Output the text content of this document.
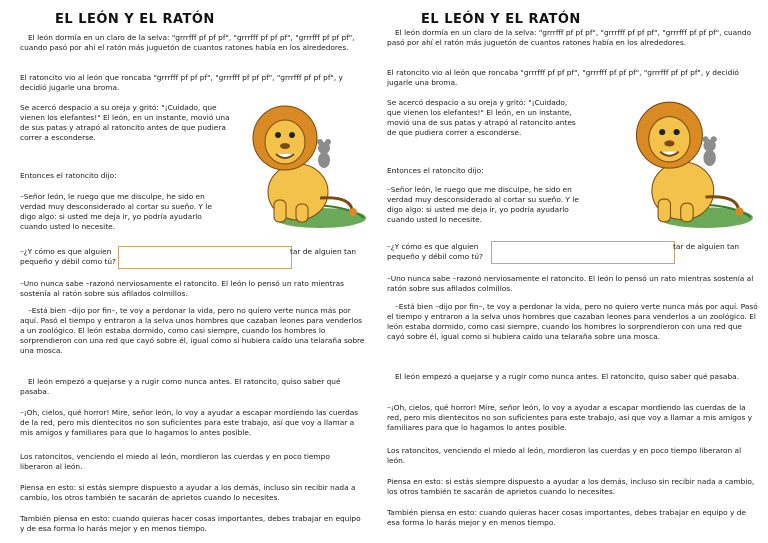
EL LEÓN Y EL RATÓN

El león dormía en un claro de la selva: "grrrfff pf pf pf", "grrrfff pf pf pf", "grrrfff pf pf pf", cuando pasó por ahí el ratón más juguetón de cuantos ratones había en los alrededores.

El ratoncito vio al león que roncaba "grrrfff pf pf pf", "grrrfff pf pf pf", "grrrfff pf pf pf", y decidió jugarle una broma.

Se acercó despacio a su oreja y gritó: "¡Cuidado, que vienen los elefantes!" El león, en un instante, movió una de sus patas y atrapó al ratoncito antes de que pudiera correr a esconderse.

Entonces el ratoncito dijo:

–Señor león, le ruego que me disculpe, he sido en verdad muy desconsiderado al cortar su sueño. Y le digo algo: si usted me deja ir, yo podría ayudarlo cuando usted lo necesite.

–¿Y cómo es que alguien	tar de alguien tan

pequeño y débil como tú?

–Uno nunca sabe –razonó nerviosamente el ratoncito. El león lo pensó un rato mientras sostenía al ratón sobre sus afilados colmillos.

–Está bien –dijo por fin–, te voy a perdonar la vida, pero no quiero verte nunca más por aquí. Pasó el tiempo y entraron a la selva unos hombres que cazaban leones para venderlos a un zoológico. El león estaba dormido, como casi siempre, cuando los hombres lo sorprendieron con una red que cayó sobre él, igual como si hubiera caído una telaraña sobre una mosca.

El león empezó a quejarse y a rugir como nunca antes. El ratoncito, quiso saber qué pasaba.

–¡Oh, cielos, qué horror! Mire, señor león, lo voy a ayudar a escapar mordiendo las cuerdas de la red, pero mis dientecitos no son suficientes para este trabajo, así que voy a llamar a mis amigos y familiares para que lo hagamos lo antes posible.

Los ratoncitos, venciendo el miedo al león, mordieron las cuerdas y en poco tiempo liberaron al león.

Piensa en esto: si estás siempre dispuesto a ayudar a los demás, incluso sin recibir nada a cambio, los otros también te sacarán de aprietos cuando lo necesites.

También piensa en esto: cuando quieras hacer cosas importantes, debes trabajar en equipo y de esa forma lo harás mejor y en menos tiempo.

EL LEÓN Y EL RATÓN

El león dormía en un claro de la selva: "grrrfff pf pf pf", "grrrfff pf pf pf", "grrrfff pf pf pf", cuando pasó por ahí el ratón más juguetón de cuantos ratones había en los alrededores.

El ratoncito vio al león que roncaba "grrrfff pf pf pf", "grrrfff pf pf pf", "grrrfff pf pf pf", y decidió jugarle una broma.

Se acercó despacio a su oreja y gritó: "¡Cuidado, que vienen los elefantes!" El león, en un instante, movió una de sus patas y atrapó al ratoncito antes de que pudiera correr a esconderse.

Entonces el ratoncito dijo:

–Señor león, le ruego que me disculpe, he sido en verdad muy desconsiderado al cortar su sueño. Y le digo algo: si usted me deja ir, yo podría ayudarlo cuando usted lo necesite.

–¿Y cómo es que alguien	tar de alguien tan

pequeño y débil como tú?

–Uno nunca sabe –razonó nerviosamente el ratoncito. El león lo pensó un rato mientras sostenía al ratón sobre sus afilados colmillos.

–Está bien –dijo por fin–, te voy a perdonar la vida, pero no quiero verte nunca más por aquí. Pasó el tiempo y entraron a la selva unos hombres que cazaban leones para venderlos a un zoológico. El león estaba dormido, como casi siempre, cuando los hombres lo sorprendieron con una red que cayó sobre él, igual como si hubiera caído una telaraña sobre una mosca.

El león empezó a quejarse y a rugir como nunca antes. El ratoncito, quiso saber qué pasaba.

–¡Oh, cielos, qué horror! Mire, señor león, lo voy a ayudar a escapar mordiendo las cuerdas de la red, pero mis dientecitos no son suficientes para este trabajo, así que voy a llamar a mis amigos y familiares para que lo hagamos lo antes posible.

Los ratoncitos, venciendo el miedo al león, mordieron las cuerdas y en poco tiempo liberaron al león.

Piensa en esto: si estás siempre dispuesto a ayudar a los demás, incluso sin recibir nada a cambio, los otros también te sacarán de aprietos cuando lo necesites.

También piensa en esto: cuando quieras hacer cosas importantes, debes trabajar en equipo y de esa forma lo harás mejor y en menos tiempo.
